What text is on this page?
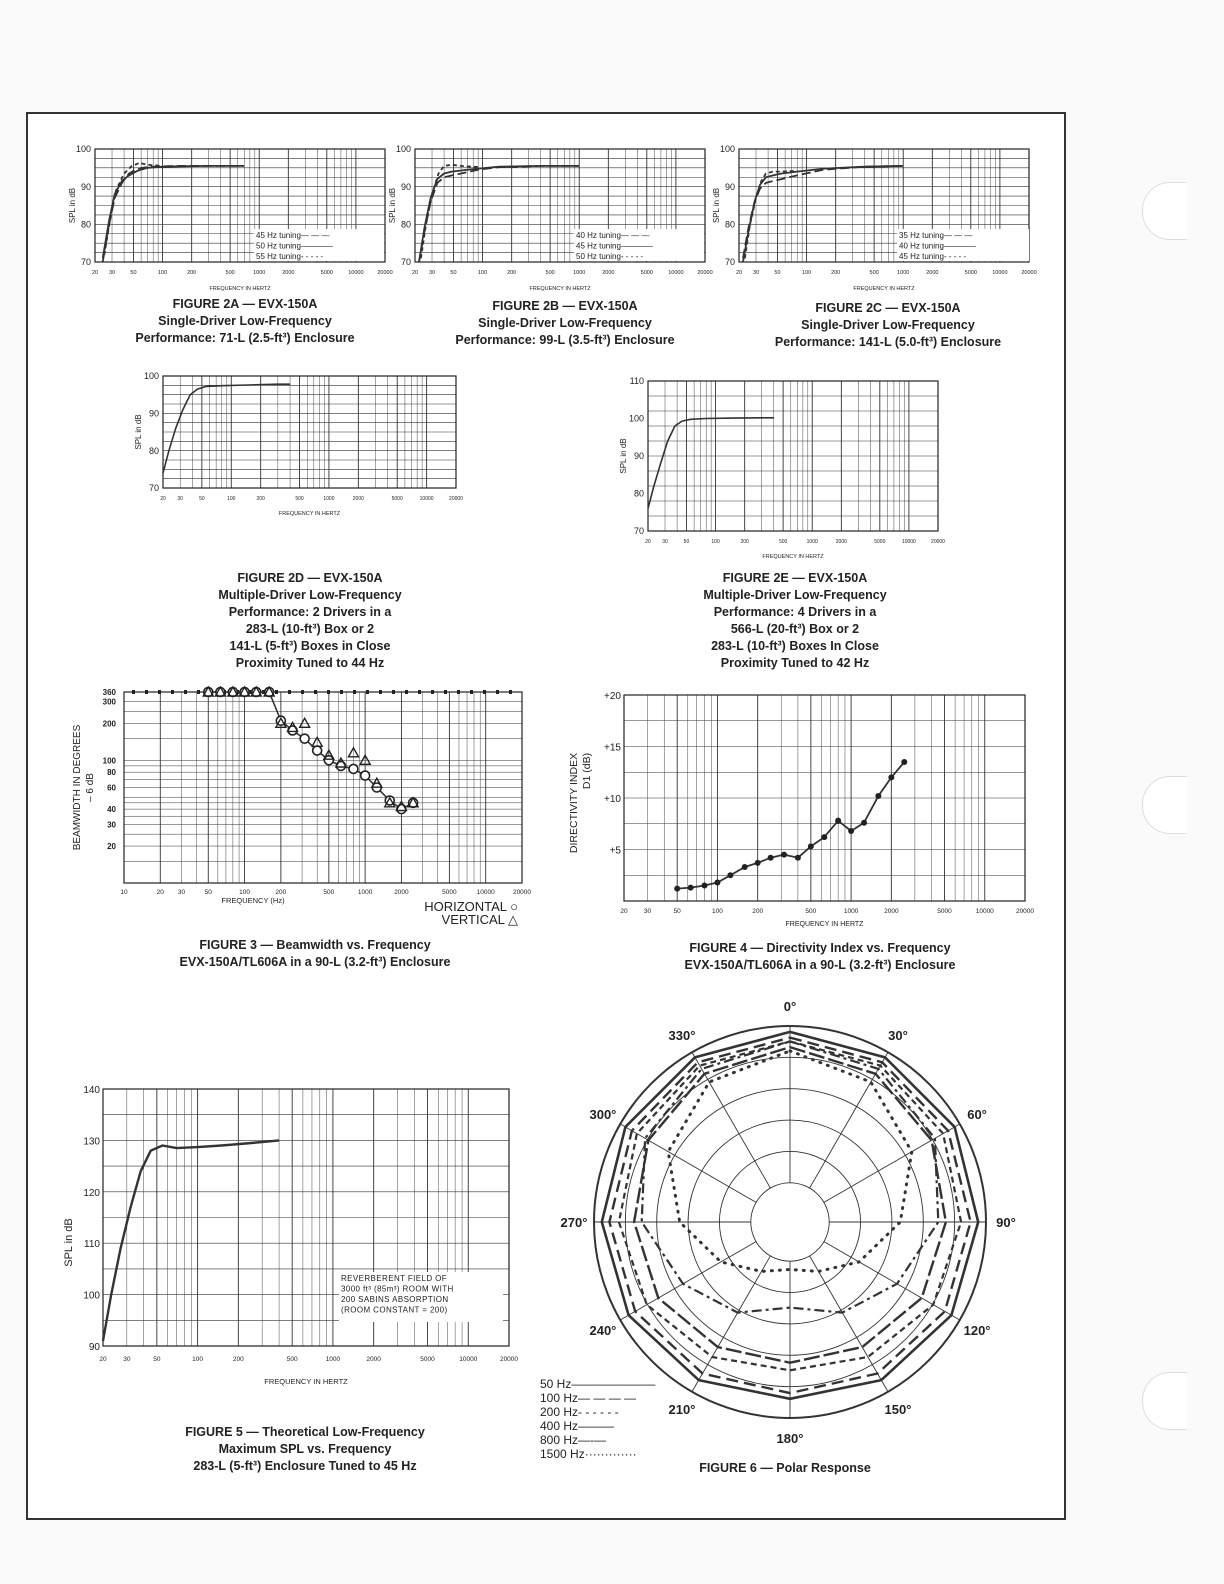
70
80
90
100
20 30	50	100	200	500	1000	2000	5000	10000	20000
FREQUENCY IN HERTZ
SPL in dB
45 Hz tuning— — —
50 Hz tuning————
55 Hz tuning- - - - -
70
80
90
100
20 30	50	100	200	500	1000	2000	5000	10000	20000
FREQUENCY IN HERTZ
SPL in dB
40 Hz tuning— — —
45 Hz tuning————
50 Hz tuning- - - - -
70
80
90
100
20 30	50	100	200	500	1000	2000	5000	10000	20000
FREQUENCY IN HERTZ
SPL in dB
35 Hz tuning— — —
40 Hz tuning————
45 Hz tuning- - - - -
70
80
90
100
20 30	50	100	200	500	1000	2000	5000	10000	20000
FREQUENCY IN HERTZ
SPL in dB
70
80
90
100
110
20 30	50	100	200	500	1000	2000	5000	10000	20000
FREQUENCY IN HERTZ
SPL in dB
20
30
40
60
80
100
200
300
360
10	20 30	50	100	200	500	1000	2000	5000	10000	20000
FREQUENCY (Hz)
BEAMWIDTH IN DEGREES – 6 dB
HORIZONTAL ○
VERTICAL △
+5
+10
+15
+20
20	30	50	100	200	500	1000	2000	5000	10000	20000
FREQUENCY IN HERTZ
DIRECTIVITY INDEX D1 (dB)
90
100
110
120
130
140
20	30	50	100	200	500	1000	2000	5000	10000	20000
FREQUENCY IN HERTZ
SPL in dB
REVERBERENT FIELD OF
3000 ft³ (85m³) ROOM WITH
200 SABINS ABSORPTION
(ROOM CONSTANT = 200)
0°
30°
60°
90°
120°
150°
180°
210°
240°
270°
300°
330°
50 Hz———————
100 Hz— — — —
200 Hz- - - - - -
400 Hz———
800 Hz—-—
1500 Hz·············
FIGURE 2A — EVX-150A
Single-Driver Low-Frequency
Performance: 71-L (2.5-ft³) Enclosure
FIGURE 2B — EVX-150A
Single-Driver Low-Frequency
Performance: 99-L (3.5-ft³) Enclosure
FIGURE 2C — EVX-150A
Single-Driver Low-Frequency
Performance: 141-L (5.0-ft³) Enclosure
FIGURE 2D — EVX-150A
Multiple-Driver Low-Frequency
Performance: 2 Drivers in a
283-L (10-ft³) Box or 2
141-L (5-ft³) Boxes in Close
Proximity Tuned to 44 Hz
FIGURE 2E — EVX-150A
Multiple-Driver Low-Frequency
Performance: 4 Drivers in a
566-L (20-ft³) Box or 2
283-L (10-ft³) Boxes In Close
Proximity Tuned to 42 Hz
FIGURE 3 — Beamwidth vs. Frequency
EVX-150A/TL606A in a 90-L (3.2-ft³) Enclosure
FIGURE 4 — Directivity Index vs. Frequency
EVX-150A/TL606A in a 90-L (3.2-ft³) Enclosure
FIGURE 5 — Theoretical Low-Frequency
Maximum SPL vs. Frequency
283-L (5-ft³) Enclosure Tuned to 45 Hz	FIGURE 6 — Polar Response
